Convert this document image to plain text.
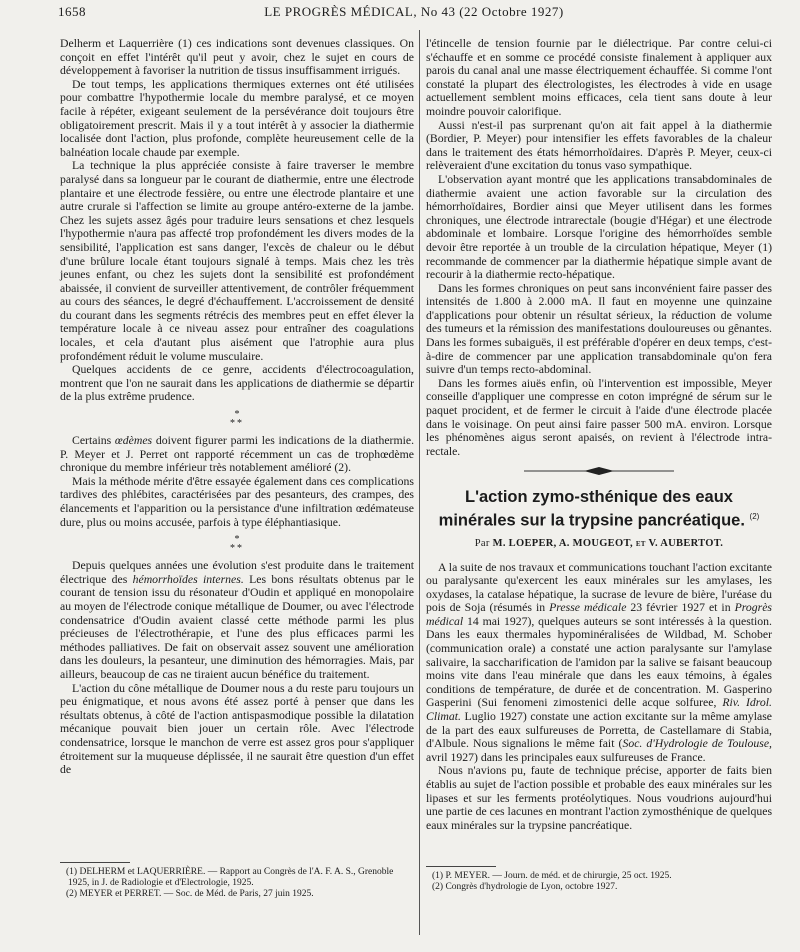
1658	LE PROGRÈS MÉDICAL, No 43 (22 Octobre 1927)

Delherm et Laquerrière (1) ces indications sont devenues classiques. On conçoit en effet l'intérêt qu'il peut y avoir, chez le sujet en cours de développement à favoriser la nutrition de tissus insuffisamment irrigués.

De tout temps, les applications thermiques externes ont été utilisées pour combattre l'hypothermie locale du membre paralysé, et ce moyen facile à répéter, exigeant seulement de la persévérance doit toujours être obligatoirement prescrit. Mais il y a tout intérêt à y associer la diathermie localisée dont l'action, plus profonde, complète heureusement celle de la balnéation locale chaude par exemple.

La technique la plus appréciée consiste à faire traverser le membre paralysé dans sa longueur par le courant de diathermie, entre une électrode plantaire et une électrode fessière, ou entre une électrode plantaire et une autre crurale si l'affection se limite au groupe antéro-externe de la jambe. Chez les sujets assez âgés pour traduire leurs sensations et chez lesquels l'hypothermie n'aura pas affecté trop profondément les divers modes de la sensibilité, l'application est sans danger, l'excès de chaleur ou le début d'une brûlure locale étant toujours signalé à temps. Mais chez les très jeunes enfant, ou chez les sujets dont la sensibilité est profondément abaissée, il convient de surveiller attentivement, de contrôler fréquemment au cours des séances, le degré d'échauffement. L'accroissement de densité du courant dans les segments rétrécis des membres peut en effet élever la température locale à ce niveau assez pour entraîner des coagulations locales, et cela d'autant plus aisément que l'atrophie aura plus profondément réduit le volume musculaire.

Quelques accidents de ce genre, accidents d'électrocoagulation, montrent que l'on ne saurait dans les applications de diathermie se départir de la plus extrême prudence.

*
**

Certains œdèmes doivent figurer parmi les indications de la diathermie. P. Meyer et J. Perret ont rapporté récemment un cas de trophœdème chronique du membre inférieur très notablement amélioré (2).

Mais la méthode mérite d'être essayée également dans ces complications tardives des phlébites, caractérisées par des pesanteurs, des crampes, des élancements et l'apparition ou la persistance d'une infiltration œdémateuse dure, plus ou moins accusée, parfois à type éléphantiasique.

*
**

Depuis quelques années une évolution s'est produite dans le traitement électrique des hémorrhoïdes internes. Les bons résultats obtenus par le courant de tension issu du résonateur d'Oudin et appliqué en monopolaire au moyen de l'électrode conique métallique de Doumer, ou avec l'électrode condensatrice d'Oudin avaient classé cette méthode parmi les plus précieuses de l'électrothérapie, et l'une des plus efficaces parmi les méthodes palliatives. De fait on observait assez souvent une amélioration dans les douleurs, la pesanteur, une diminution des hémorragies. Mais, par ailleurs, beaucoup de cas ne tiraient aucun bénéfice du traitement.

L'action du cône métallique de Doumer nous a du reste paru toujours un peu énigmatique, et nous avons été assez porté à penser que dans les résultats obtenus, à côté de l'action antispasmodique possible la dilatation mécanique pouvait bien jouer un certain rôle. Avec l'électrode condensatrice, lorsque le manchon de verre est assez gros pour s'appliquer étroitement sur la muqueuse déplissée, il ne saurait être question d'un effet de

l'étincelle de tension fournie par le diélectrique. Par contre celui-ci s'échauffe et en somme ce procédé consiste finalement à appliquer aux parois du canal anal une masse électriquement échauffée. Si comme l'ont constaté la plupart des électrologistes, les électrodes à vide en usage actuellement semblent moins efficaces, cela tient sans doute à leur moindre pouvoir calorifique.

Aussi n'est-il pas surprenant qu'on ait fait appel à la diathermie (Bordier, P. Meyer) pour intensifier les effets favorables de la chaleur dans le traitement des états hémorrhoïdaires. D'après P. Meyer, ceux-ci relèveraient d'une excitation du tonus vaso sympathique.

L'observation ayant montré que les applications transabdominales de diathermie avaient une action favorable sur la circulation des hémorrhoïdaires, Bordier ainsi que Meyer utilisent dans les formes chroniques, une électrode intrarectale (bougie d'Hégar) et une électrode abdominale et lombaire. Lorsque l'origine des hémorrhoïdes semble devoir être reportée à un trouble de la circulation hépatique, Meyer (1) recommande de commencer par la diathermie hépatique simple avant de recourir à la diathermie recto-hépatique.

Dans les formes chroniques on peut sans inconvénient faire passer des intensités de 1.800 à 2.000 mA. Il faut en moyenne une quinzaine d'applications pour obtenir un résultat sérieux, la réduction de volume des tumeurs et la rémission des manifestations douloureuses ou gênantes. Dans les formes subaiguës, il est préférable d'opérer en deux temps, c'est-à-dire de commencer par une application transabdominale qu'on fera suivre d'un temps recto-abdominal.

Dans les formes aiuës enfin, où l'intervention est impossible, Meyer conseille d'appliquer une compresse en coton imprégné de sérum sur le paquet procident, et de fermer le circuit à l'aide d'une électrode placée dans le voisinage. On peut ainsi faire passer 500 mA. environ. Lorsque les phénomènes aigus seront apaisés, on revient à l'électrode intra-rectale.

L'action zymo-sthénique des eaux minérales sur la trypsine pancréatique. $^{(2)}$
Par M. LOEPER, A. MOUGEOT, et V. AUBERTOT.

A la suite de nos travaux et communications touchant l'action excitante ou paralysante qu'exercent les eaux minérales sur les amylases, les oxydases, la catalase hépatique, la sucrase de levure de bière, l'uréase du pois de Soja (résumés in Presse médicale 23 février 1927 et in Progrès médical 14 mai 1927), quelques auteurs se sont intéressés à la question. Dans les eaux thermales hypominéralisées de Wildbad, M. Schober (communication orale) a constaté une action paralysante sur l'amylase salivaire, la saccharification de l'amidon par la salive se faisant beaucoup moins vite dans l'eau minérale que dans les eaux témoins, à égales conditions de température, de durée et de concentration. M. Gasperino Gasperini (Sui fenomeni zimostenici delle acque solfuree, Riv. Idrol. Climat. Luglio 1927) constate une action excitante sur la même amylase de la part des eaux sulfureuses de Porretta, de Castellamare di Stabia, d'Albule. Nous signalions le même fait (Soc. d'Hydrologie de Toulouse, avril 1927) dans les principales eaux sulfureuses de France.

Nous n'avions pu, faute de technique précise, apporter de faits bien établis au sujet de l'action possible et probable des eaux minérales sur les lipases et sur les ferments protéolytiques. Nous voudrions aujourd'hui une partie de ces lacunes en montrant l'action zymosthénique de quelques eaux minérales sur la trypsine pancréatique.

(1) DELHERM et LAQUERRIÈRE. — Rapport au Congrès de l'A. F. A. S., Grenoble 1925, in J. de Radiologie et d'Electrologie, 1925.
(2) MEYER et PERRET. — Soc. de Méd. de Paris, 27 juin 1925.
(1) P. MEYER. — Journ. de méd. et de chirurgie, 25 oct. 1925.
(2) Congrès d'hydrologie de Lyon, octobre 1927.
